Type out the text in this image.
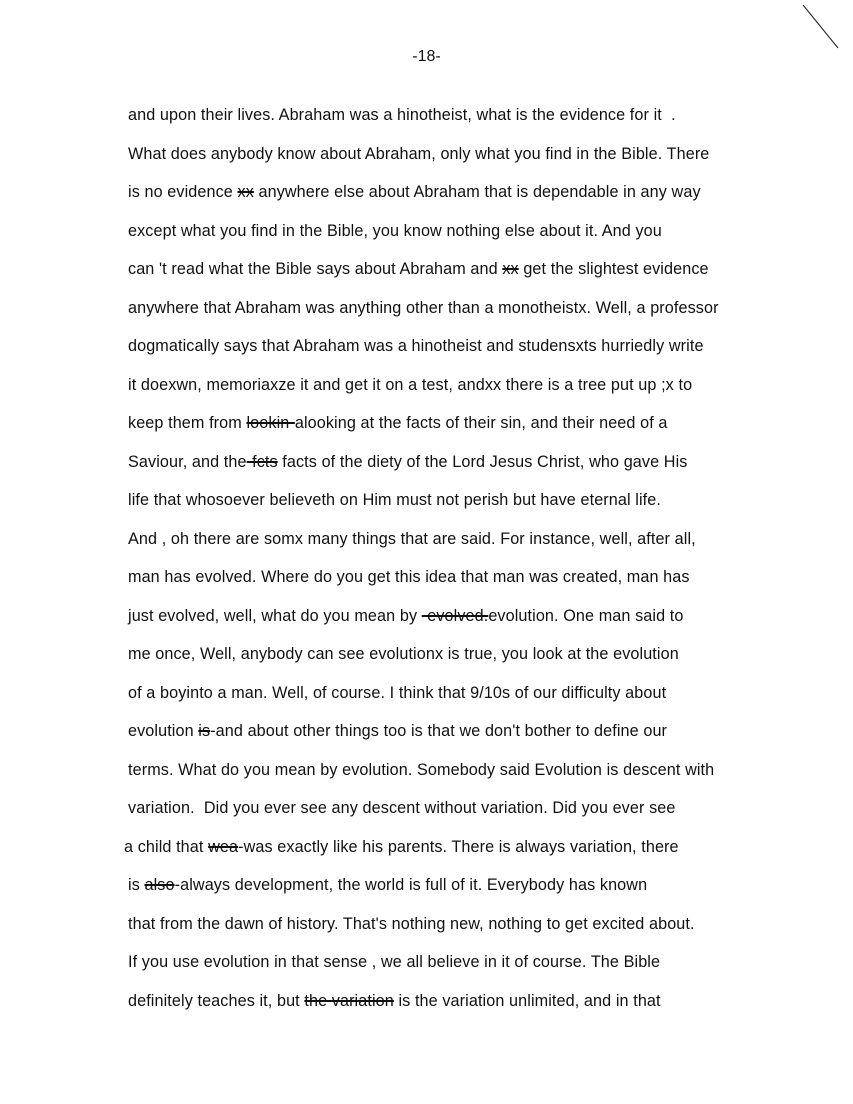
-18-
and upon their lives. Abraham was a hinotheist, what is the evidence for it  .
What does anybody know about Abraham, only what you find in the Bible. There
is no evidence xx anywhere else about Abraham that is dependable in any way
except what you find in the Bible, you know nothing else about it. And you
can 't read what the Bible says about Abraham and xx get the slightest evidence
anywhere that Abraham was anything other than a monotheistx. Well, a professor
dogmatically says that Abraham was a hinotheist and studensxts hurriedly write
it doexwn, memoriaxze it and get it on a test, andxx there is a tree put up ;x to
keep them from lookin-alooking at the facts of their sin, and their need of a
Saviour, and the-fcts facts of the diety of the Lord Jesus Christ, who gave His
life that whosoever believeth on Him must not perish but have eternal life.
And , oh there are somx many things that are said. For instance, well, after all,
man has evolved. Where do you get this idea that man was created, man has
just evolved, well, what do you mean by -evolved.evolution. One man said to
me once, Well, anybody can see evolutionx is true, you look at the evolution
of a boyinto a man. Well, of course. I think that 9/10s of our difficulty about
evolution is-and about other things too is that we don't bother to define our
terms. What do you mean by evolution. Somebody said Evolution is descent with
variation.  Did you ever see any descent without variation. Did you ever see
a child that wea-was exactly like his parents. There is always variation, there
is also-always development, the world is full of it. Everybody has known
that from the dawn of history. That's nothing new, nothing to get excited about.
If you use evolution in that sense , we all believe in it of course. The Bible
definitely teaches it, but the variation is the variation unlimited, and in that
